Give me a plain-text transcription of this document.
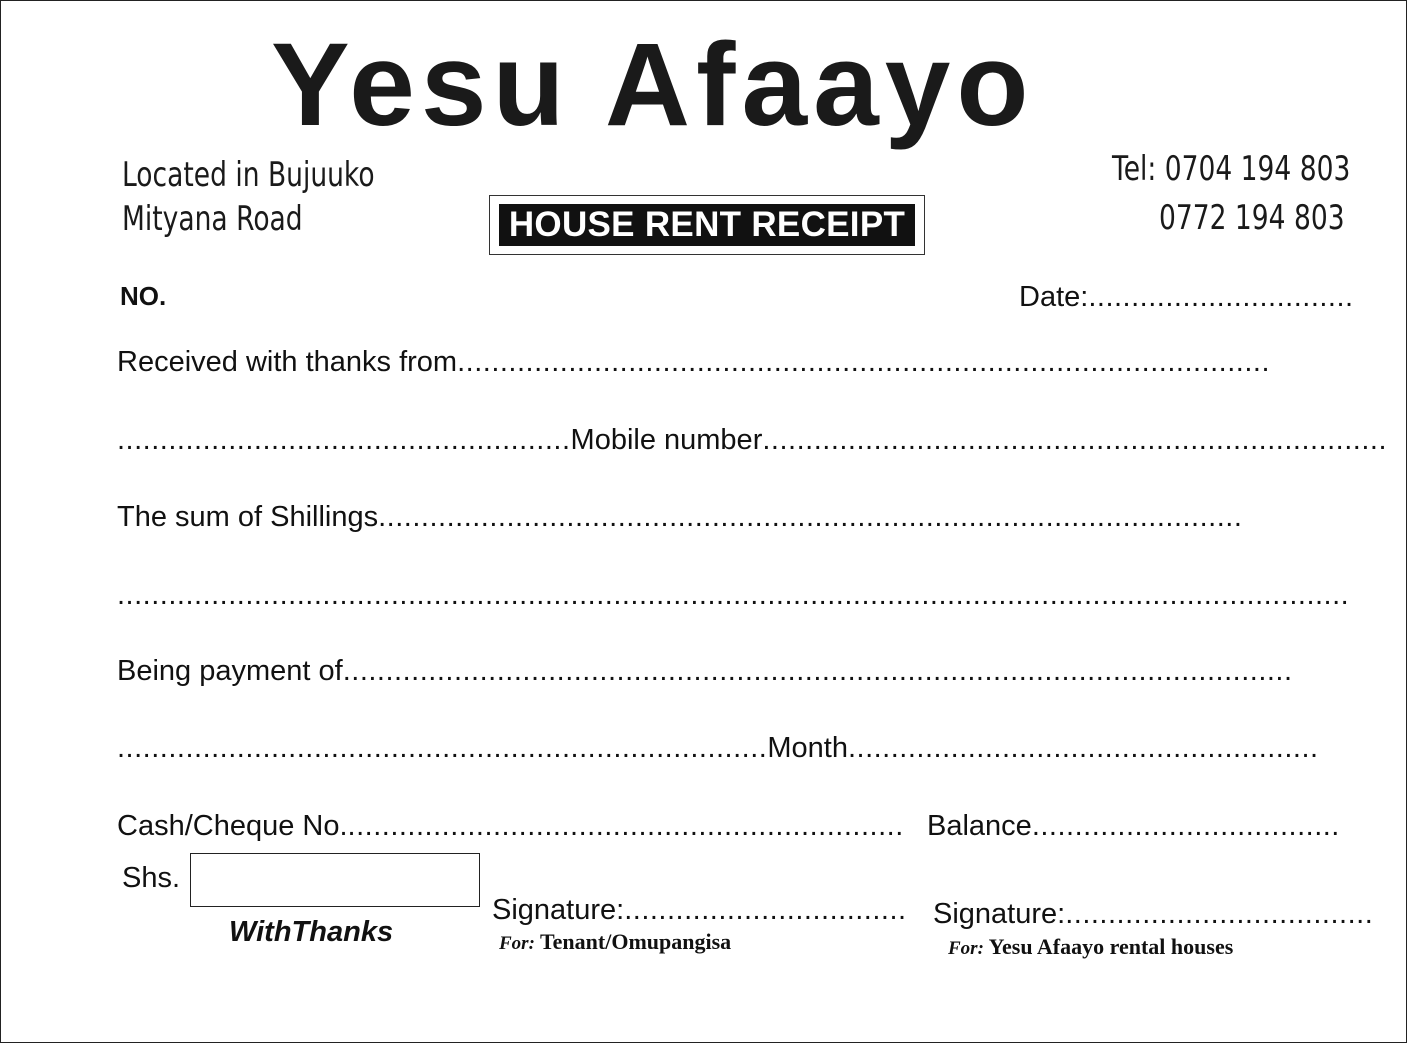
Yesu Afaayo
Located in Bujuuko
Mityana Road
Tel: 0704 194 803
0772 194 803
HOUSE RENT RECEIPT
NO.	Date:...............................
Received with thanks from...............................................................................................
.....................................................Mobile number.........................................................................
The sum of Shillings.....................................................................................................
................................................................................................................................................
Being payment of...............................................................................................................
............................................................................Month.......................................................
Cash/Cheque No.................................................................. Balance....................................
Shs.
WithThanks
Signature:.................................
For: Tenant/Omupangisa
Signature:....................................
For: Yesu Afaayo rental houses
